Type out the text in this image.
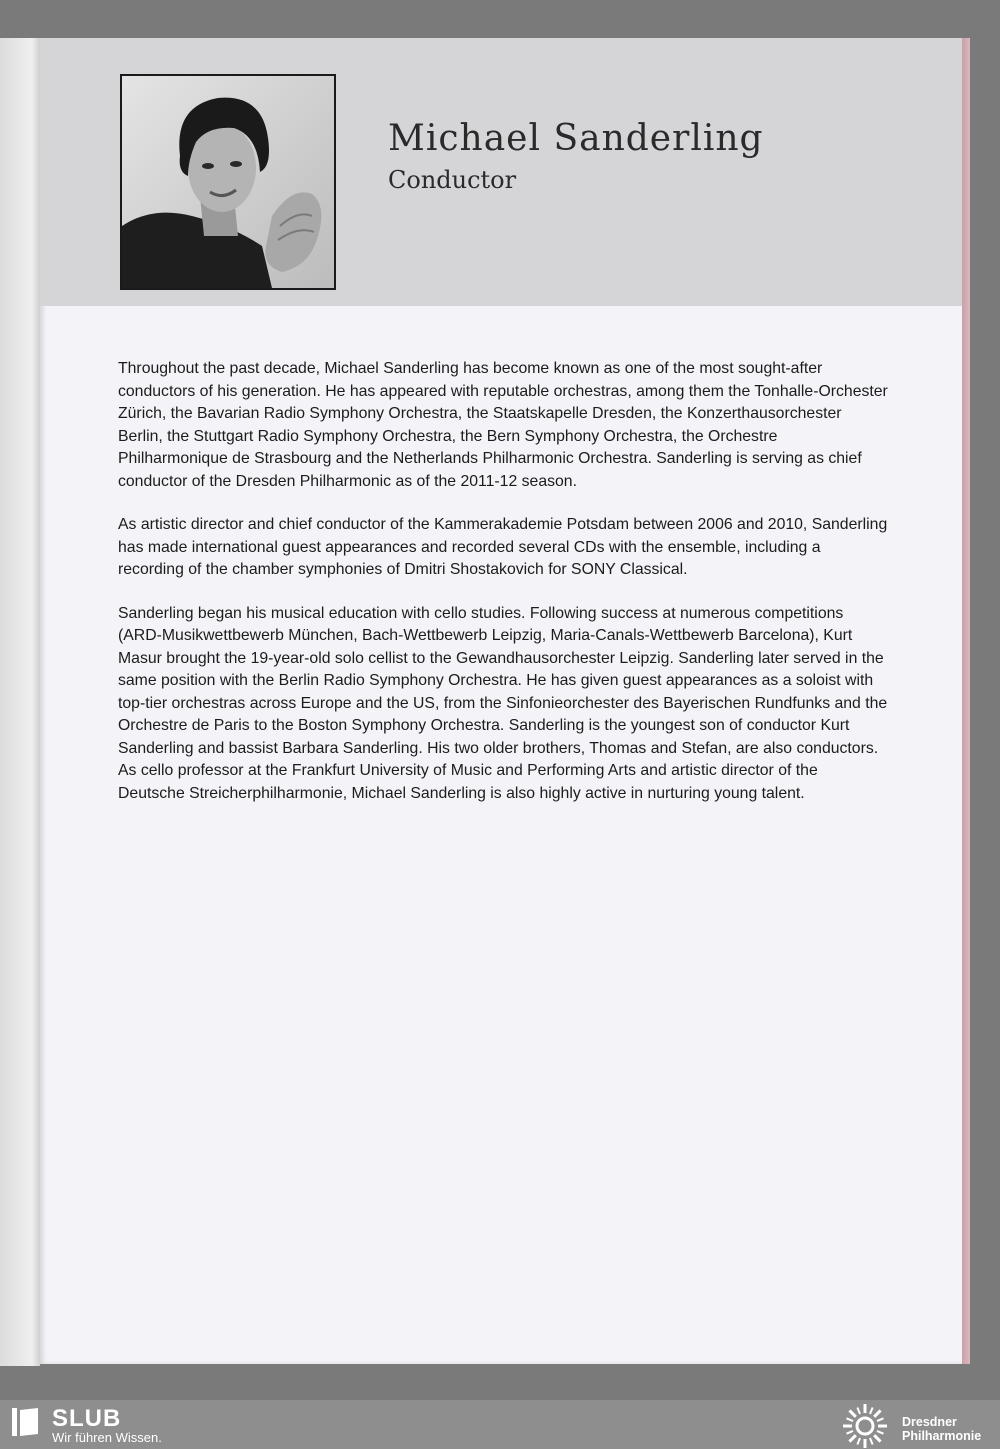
Michael Sanderling
Conductor

Throughout the past decade, Michael Sanderling has become known as one of the most sought-after conductors of his generation. He has appeared with reputable orchestras, among them the Tonhalle-Orchester Zürich, the Bavarian Radio Symphony Orchestra, the Staatskapelle Dresden, the Konzerthausorchester Berlin, the Stuttgart Radio Symphony Orchestra, the Bern Symphony Orchestra, the Orchestre Philharmonique de Strasbourg and the Netherlands Philharmonic Orchestra. Sanderling is serving as chief conductor of the Dresden Philharmonic as of the 2011-12 season.

As artistic director and chief conductor of the Kammerakademie Potsdam between 2006 and 2010, Sanderling has made international guest appearances and recorded several CDs with the ensemble, including a recording of the chamber symphonies of Dmitri Shostakovich for SONY Classical.

Sanderling began his musical education with cello studies. Following success at numerous competitions (ARD-Musikwettbewerb München, Bach-Wettbewerb Leipzig, Maria-Canals-Wettbewerb Barcelona), Kurt Masur brought the 19-year-old solo cellist to the Gewandhausorchester Leipzig. Sanderling later served in the same position with the Berlin Radio Symphony Orchestra. He has given guest appearances as a soloist with top-tier orchestras across Europe and the US, from the Sinfonieorchester des Bayerischen Rundfunks and the Orchestre de Paris to the Boston Symphony Orchestra. Sanderling is the youngest son of conductor Kurt Sanderling and bassist Barbara Sanderling. His two older brothers, Thomas and Stefan, are also conductors. As cello professor at the Frankfurt University of Music and Performing Arts and artistic director of the Deutsche Streicherphilharmonie, Michael Sanderling is also highly active in nurturing young talent.

SLUB
Wir führen Wissen.
Dresdner
Philharmonie
